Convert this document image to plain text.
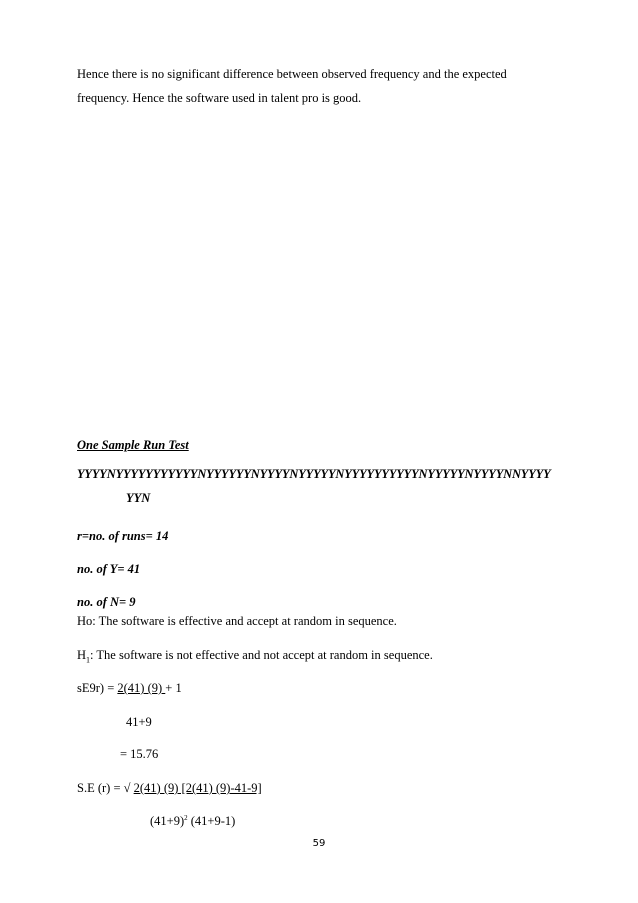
Hence there is no significant difference between observed frequency and the expected
frequency. Hence the software used in talent pro is good.
One Sample Run Test
YYYYNYYYYYYYYYYYNYYYYYYNYYYYNYYYYYNYYYYYYYYYYNYYYYYNYYYYNNYYYY
YYN
r=no. of runs= 14
no. of Y= 41
no. of N= 9
Ho: The software is effective and accept at random in sequence.
$H_1$: The software is not effective and not accept at random in sequence.
sE9r) = 2(41) (9) + 1
41+9
= 15.76
S.E (r) = √ 2(41) (9) [2(41) (9)-41-9]
$(41+9)^2$ (41+9-1)
59
